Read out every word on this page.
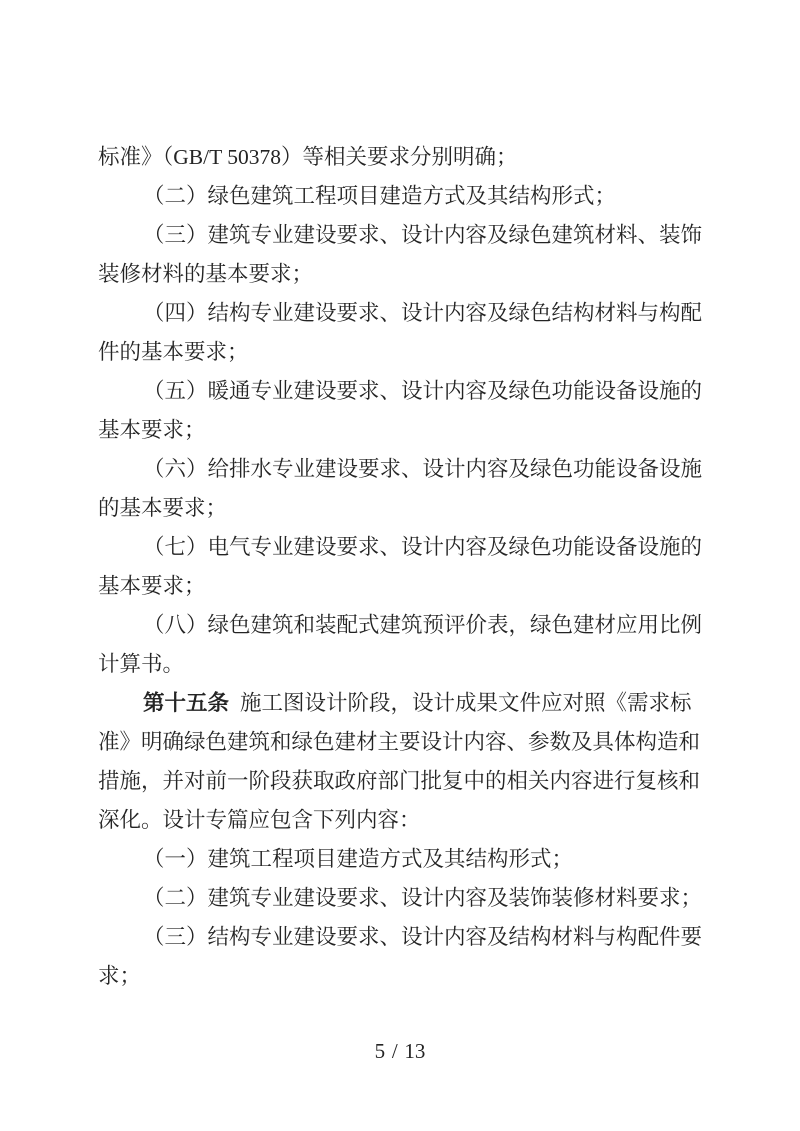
标准》（GB/T 50378）等相关要求分别明确；
（二）绿色建筑工程项目建造方式及其结构形式；
（三）建筑专业建设要求、设计内容及绿色建筑材料、装饰
装修材料的基本要求；
（四）结构专业建设要求、设计内容及绿色结构材料与构配
件的基本要求；
（五）暖通专业建设要求、设计内容及绿色功能设备设施的
基本要求；
（六）给排水专业建设要求、设计内容及绿色功能设备设施
的基本要求；
（七）电气专业建设要求、设计内容及绿色功能设备设施的
基本要求；
（八）绿色建筑和装配式建筑预评价表，绿色建材应用比例
计算书。
第十五条 施工图设计阶段，设计成果文件应对照《需求标
准》明确绿色建筑和绿色建材主要设计内容、参数及具体构造和
措施，并对前一阶段获取政府部门批复中的相关内容进行复核和
深化。设计专篇应包含下列内容：
（一）建筑工程项目建造方式及其结构形式；
（二）建筑专业建设要求、设计内容及装饰装修材料要求；
（三）结构专业建设要求、设计内容及结构材料与构配件要
求；
5 / 13
